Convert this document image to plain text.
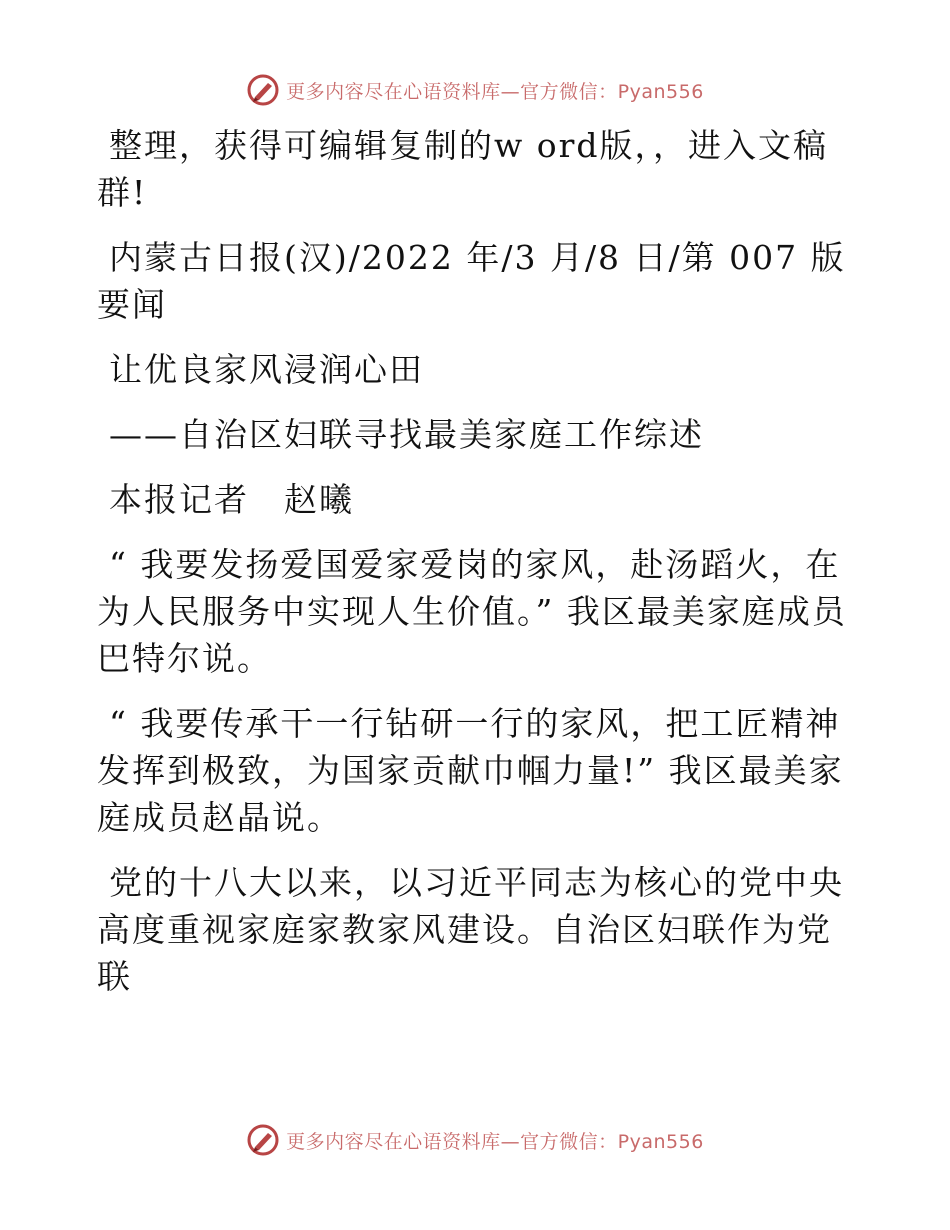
更多内容尽在心语资料库—官方微信：Pyan556

整理，获得可编辑复制的w ord版，，进入文稿群!

内蒙古日报(汉)/2022 年/3 月/8 日/第 007 版要闻

让优良家风浸润心田

——自治区妇联寻找最美家庭工作综述

本报记者　赵曦

“ 我要发扬爱国爱家爱岗的家风，赴汤蹈火，在为人民服务中实现人生价值。” 我区最美家庭成员巴特尔说。

“ 我要传承干一行钻研一行的家风，把工匠精神发挥到极致，为国家贡献巾帼力量!” 我区最美家庭成员赵晶说。

党的十八大以来，以习近平同志为核心的党中央高度重视家庭家教家风建设。自治区妇联作为党联

更多内容尽在心语资料库—官方微信：Pyan556
